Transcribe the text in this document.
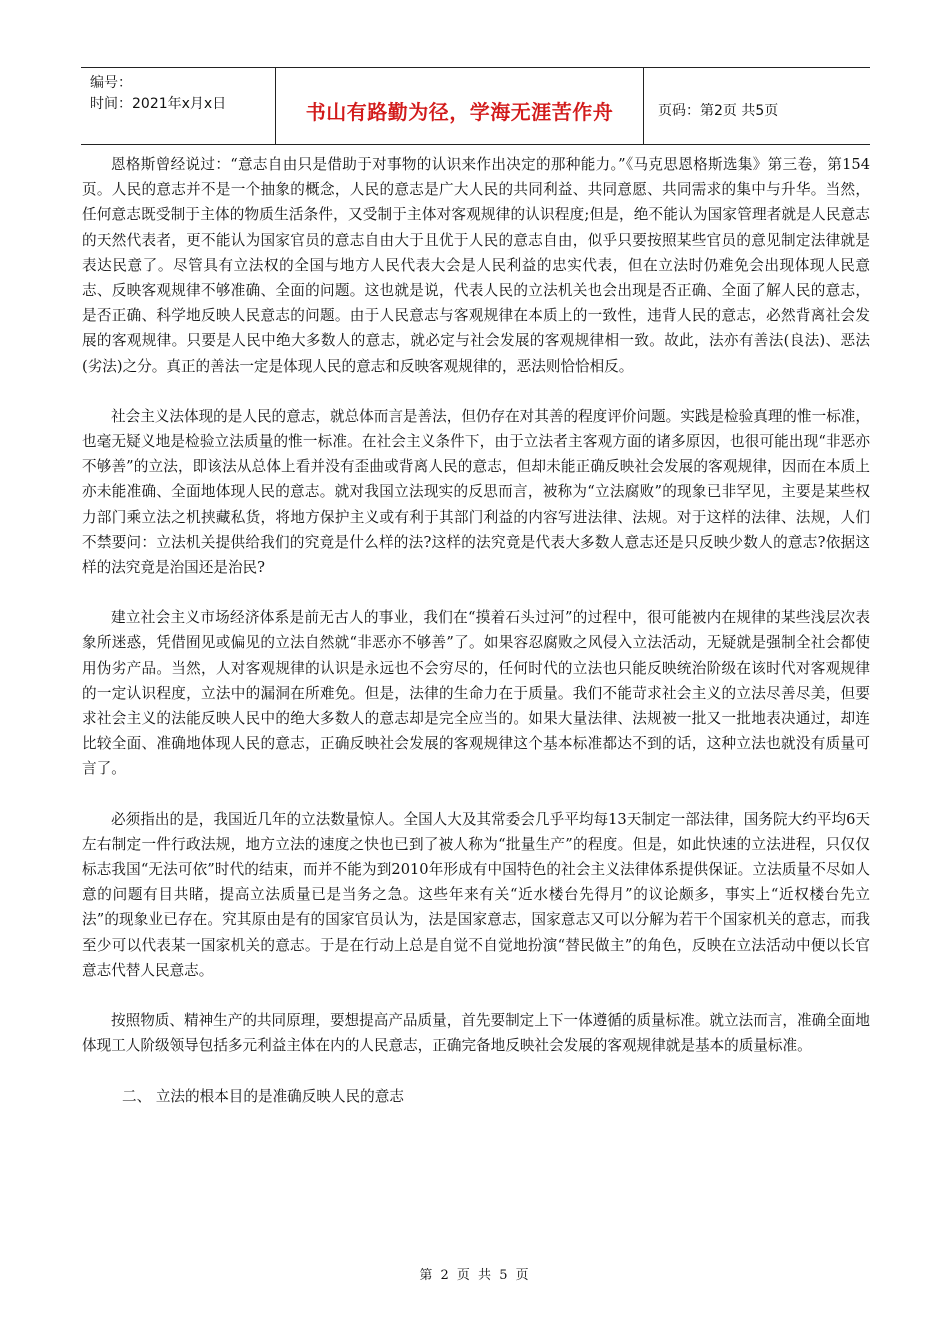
编号：
时间：2021年x月x日	书山有路勤为径，学海无涯苦作舟	页码：第2页 共5页

恩格斯曾经说过：“意志自由只是借助于对事物的认识来作出决定的那种能力。”《马克思恩格斯选集》第三卷，第154页。人民的意志并不是一个抽象的概念，人民的意志是广大人民的共同利益、共同意愿、共同需求的集中与升华。当然，任何意志既受制于主体的物质生活条件，又受制于主体对客观规律的认识程度;但是，绝不能认为国家管理者就是人民意志的天然代表者，更不能认为国家官员的意志自由大于且优于人民的意志自由，似乎只要按照某些官员的意见制定法律就是表达民意了。尽管具有立法权的全国与地方人民代表大会是人民利益的忠实代表，但在立法时仍难免会出现体现人民意志、反映客观规律不够准确、全面的问题。这也就是说，代表人民的立法机关也会出现是否正确、全面了解人民的意志，是否正确、科学地反映人民意志的问题。由于人民意志与客观规律在本质上的一致性，违背人民的意志，必然背离社会发展的客观规律。只要是人民中绝大多数人的意志，就必定与社会发展的客观规律相一致。故此，法亦有善法(良法)、恶法(劣法)之分。真正的善法一定是体现人民的意志和反映客观规律的，恶法则恰恰相反。

社会主义法体现的是人民的意志，就总体而言是善法，但仍存在对其善的程度评价问题。实践是检验真理的惟一标准，也毫无疑义地是检验立法质量的惟一标准。在社会主义条件下，由于立法者主客观方面的诸多原因，也很可能出现“非恶亦不够善”的立法，即该法从总体上看并没有歪曲或背离人民的意志，但却未能正确反映社会发展的客观规律，因而在本质上亦未能准确、全面地体现人民的意志。就对我国立法现实的反思而言，被称为“立法腐败”的现象已非罕见，主要是某些权力部门乘立法之机挟藏私货，将地方保护主义或有利于其部门利益的内容写进法律、法规。对于这样的法律、法规，人们不禁要问：立法机关提供给我们的究竟是什么样的法?这样的法究竟是代表大多数人意志还是只反映少数人的意志?依据这样的法究竟是治国还是治民?

建立社会主义市场经济体系是前无古人的事业，我们在“摸着石头过河”的过程中，很可能被内在规律的某些浅层次表象所迷惑，凭借囿见或偏见的立法自然就“非恶亦不够善”了。如果容忍腐败之风侵入立法活动，无疑就是强制全社会都使用伪劣产品。当然，人对客观规律的认识是永远也不会穷尽的，任何时代的立法也只能反映统治阶级在该时代对客观规律的一定认识程度，立法中的漏洞在所难免。但是，法律的生命力在于质量。我们不能苛求社会主义的立法尽善尽美，但要求社会主义的法能反映人民中的绝大多数人的意志却是完全应当的。如果大量法律、法规被一批又一批地表决通过，却连比较全面、准确地体现人民的意志，正确反映社会发展的客观规律这个基本标准都达不到的话，这种立法也就没有质量可言了。

必须指出的是，我国近几年的立法数量惊人。全国人大及其常委会几乎平均每13天制定一部法律，国务院大约平均6天左右制定一件行政法规，地方立法的速度之快也已到了被人称为“批量生产”的程度。但是，如此快速的立法进程，只仅仅标志我国“无法可依”时代的结束，而并不能为到2010年形成有中国特色的社会主义法律体系提供保证。立法质量不尽如人意的问题有目共睹，提高立法质量已是当务之急。这些年来有关“近水楼台先得月”的议论颇多，事实上“近权楼台先立法”的现象业已存在。究其原由是有的国家官员认为，法是国家意志，国家意志又可以分解为若干个国家机关的意志，而我至少可以代表某一国家机关的意志。于是在行动上总是自觉不自觉地扮演“替民做主”的角色，反映在立法活动中便以长官意志代替人民意志。

按照物质、精神生产的共同原理，要想提高产品质量，首先要制定上下一体遵循的质量标准。就立法而言，准确全面地体现工人阶级领导包括多元利益主体在内的人民意志，正确完备地反映社会发展的客观规律就是基本的质量标准。

二、 立法的根本目的是准确反映人民的意志

第 2 页 共 5 页
